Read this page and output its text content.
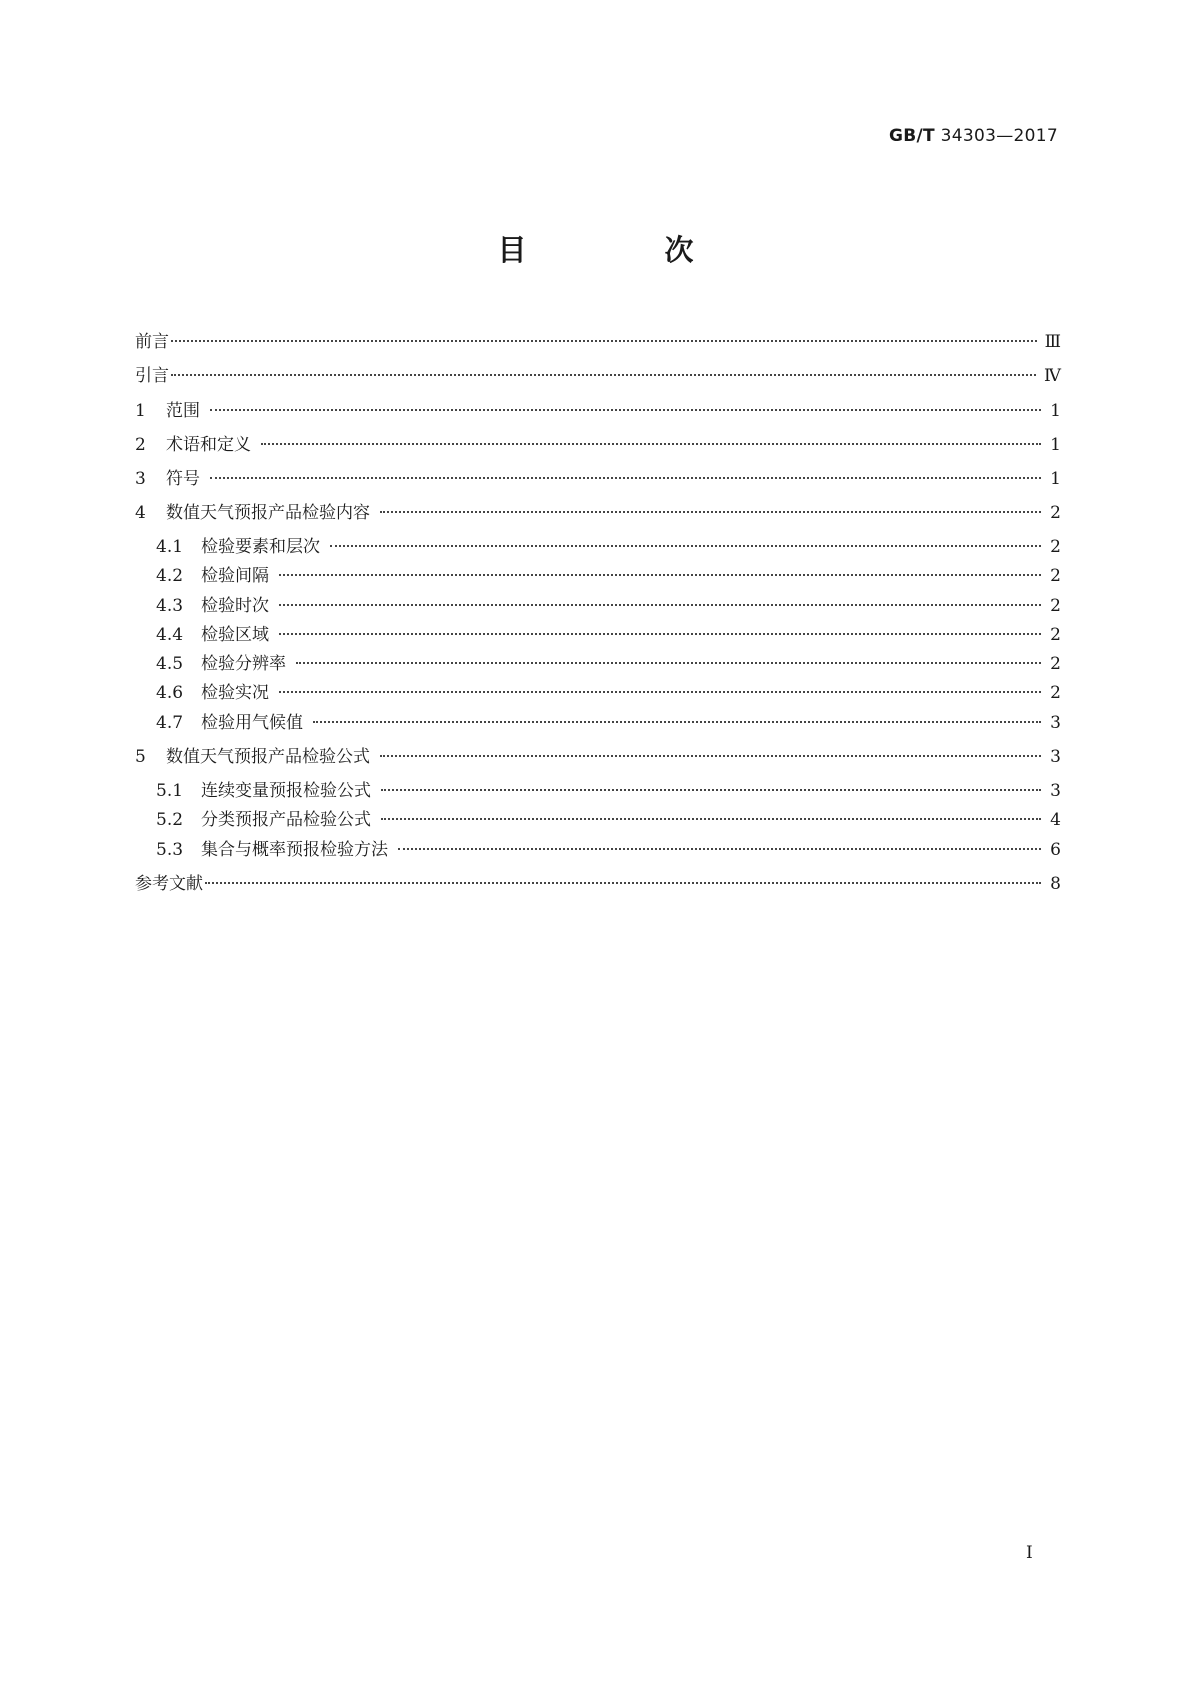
GB/T 34303—2017
目 次
前言	Ⅲ
引言	Ⅳ
1	范围	1
2	术语和定义	1
3	符号	1
4	数值天气预报产品检验内容	2
4.1	检验要素和层次	2
4.2	检验间隔	2
4.3	检验时次	2
4.4	检验区域	2
4.5	检验分辨率	2
4.6	检验实况	2
4.7	检验用气候值	3
5	数值天气预报产品检验公式	3
5.1	连续变量预报检验公式	3
5.2	分类预报产品检验公式	4
5.3	集合与概率预报检验方法	6
参考文献	8
I
